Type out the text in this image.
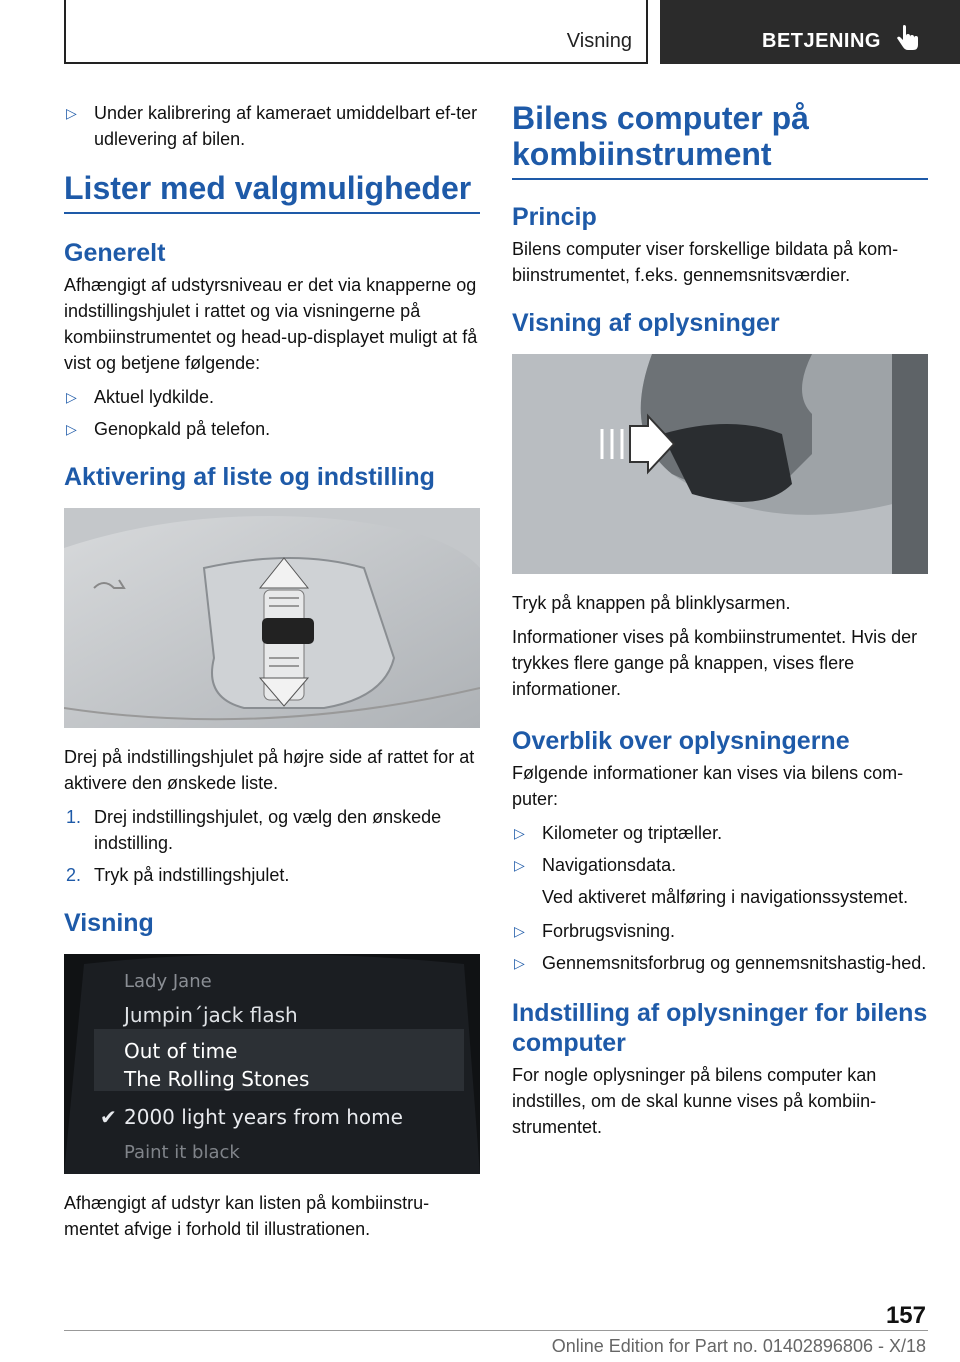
Visning	BETJENING
▷ Under kalibrering af kameraet umiddelbart ef-ter udlevering af bilen.
Lister med valgmuligheder
Generelt

Afhængigt af udstyrsniveau er det via knapperne og indstillingshjulet i rattet og via visningerne på kombiinstrumentet og head-up-displayet muligt at få vist og betjene følgende:

▷ Aktuel lydkilde.
▷ Genopkald på telefon.
Aktivering af liste og indstilling

Drej på indstillingshjulet på højre side af rattet for at aktivere den ønskede liste.

1. Drej indstillingshjulet, og vælg den ønskede indstilling.
2. Tryk på indstillingshjulet.
Visning
Lady Jane
Jumpin´jack flash
Out of time
The Rolling Stones
✔ 2000 light years from home
Paint it black

Afhængigt af udstyr kan listen på kombiinstru-mentet afvige i forhold til illustrationen.

Bilens computer på kombiinstrument
Princip

Bilens computer viser forskellige bildata på kom-biinstrumentet, f.eks. gennemsnitsværdier.

Visning af oplysninger

Tryk på knappen på blinklysarmen.

Informationer vises på kombiinstrumentet. Hvis der trykkes flere gange på knappen, vises flere informationer.

Overblik over oplysningerne

Følgende informationer kan vises via bilens com-puter:

▷ Kilometer og triptæller.
▷ Navigationsdata.

Ved aktiveret målføring i navigationssystemet.

▷ Forbrugsvisning.
▷ Gennemsnitsforbrug og gennemsnitshastig-hed.
Indstilling af oplysninger for bilens computer

For nogle oplysninger på bilens computer kan indstilles, om de skal kunne vises på kombiin-strumentet.

157
Online Edition for Part no. 01402896806 - X/18
